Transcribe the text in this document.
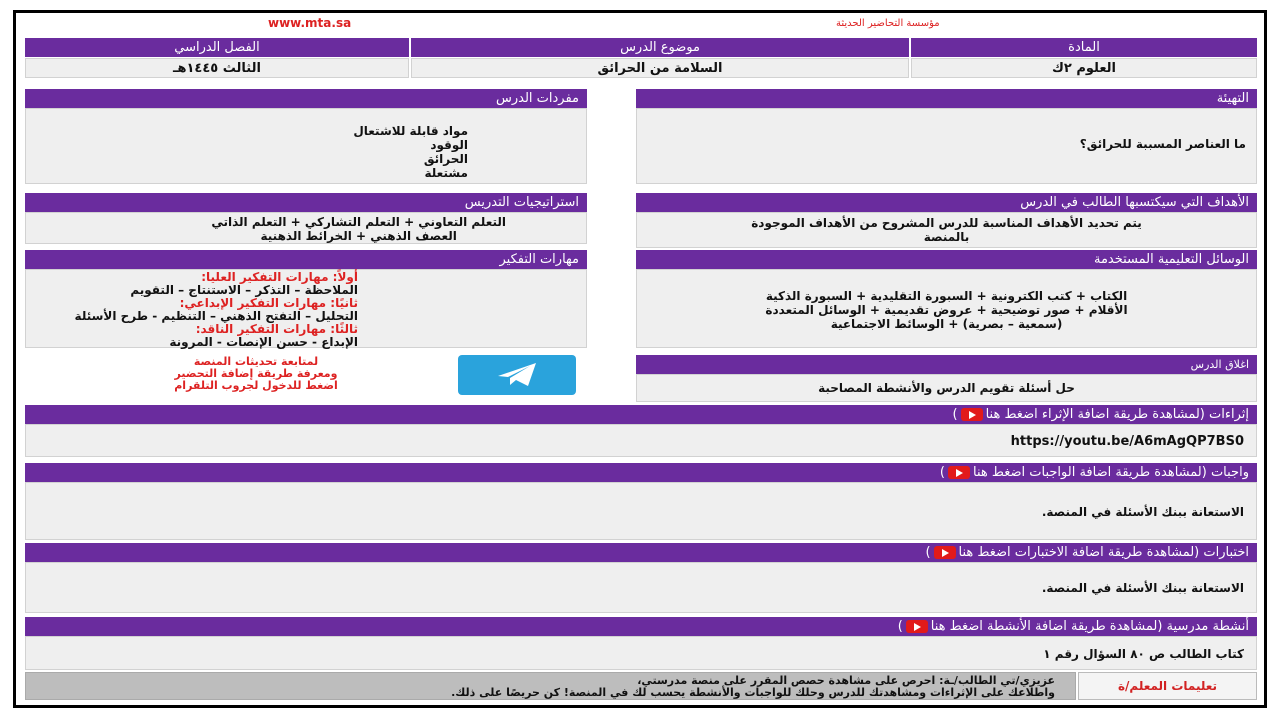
www.mta.sa	مؤسسة التحاضير الحديثة
المادة
موضوع الدرس
الفصل الدراسي
العلوم ٢ك
السلامة من الحرائق
الثالث ١٤٤٥هـ
التهيئة
ما العناصر المسببة للحرائق؟
الأهداف التي سيكتسبها الطالب في الدرس
يتم تحديد الأهداف المناسبة للدرس المشروح من الأهداف الموجودة
بالمنصة
الوسائل التعليمية المستخدمة
الكتاب + كتب الكترونية + السبورة التقليدية + السبورة الذكية
الأقلام + صور توضيحية + عروض تقديمية + الوسائل المتعددة
(سمعية – بصرية) + الوسائط الاجتماعية
اغلاق الدرس
حل أسئلة تقويم الدرس والأنشطة المصاحبة
مفردات الدرس
مواد قابلة للاشتعال
الوقود
الحرائق
مشتعلة
استراتيجيات التدريس
التعلم التعاوني + التعلم التشاركي + التعلم الذاتي
العصف الذهني + الخرائط الذهنية
مهارات التفكير
أولاً: مهارات التفكير العليا:
الملاحظة – التذكر – الاستنتاج – التقويم
ثانيًا: مهارات التفكير الإبداعي:
التحليل – التفتح الذهني – التنظيم - طرح الأسئلة
ثالثًا: مهارات التفكير الناقد:
الإبداع - حسن الإنصات - المرونة
لمتابعة تحديثات المنصة
ومعرفة طريقة إضافة التحضير
اضغط للدخول لجروب التلقرام
إثراءات (لمشاهدة طريقة اضافة الإثراء اضغط هنا)
https://youtu.be/A6mAgQP7BS0
واجبات (لمشاهدة طريقة اضافة الواجبات اضغط هنا)
الاستعانة ببنك الأسئلة في المنصة.
اختبارات (لمشاهدة طريقة اضافة الاختبارات اضغط هنا)
الاستعانة ببنك الأسئلة في المنصة.
أنشطة مدرسية (لمشاهدة طريقة اضافة الأنشطة اضغط هنا)
كتاب الطالب ص ٨٠ السؤال رقم ١
تعليمات المعلم/ة
عزيزي/تي الطالب/ـة: احرص على مشاهدة حصص المقرر على منصة مدرستي،
واطلاعك على الإثراءات ومشاهدتك للدرس وحلك للواجبات والأنشطة يحسب لك في المنصة! كن حريصًا على ذلك.
